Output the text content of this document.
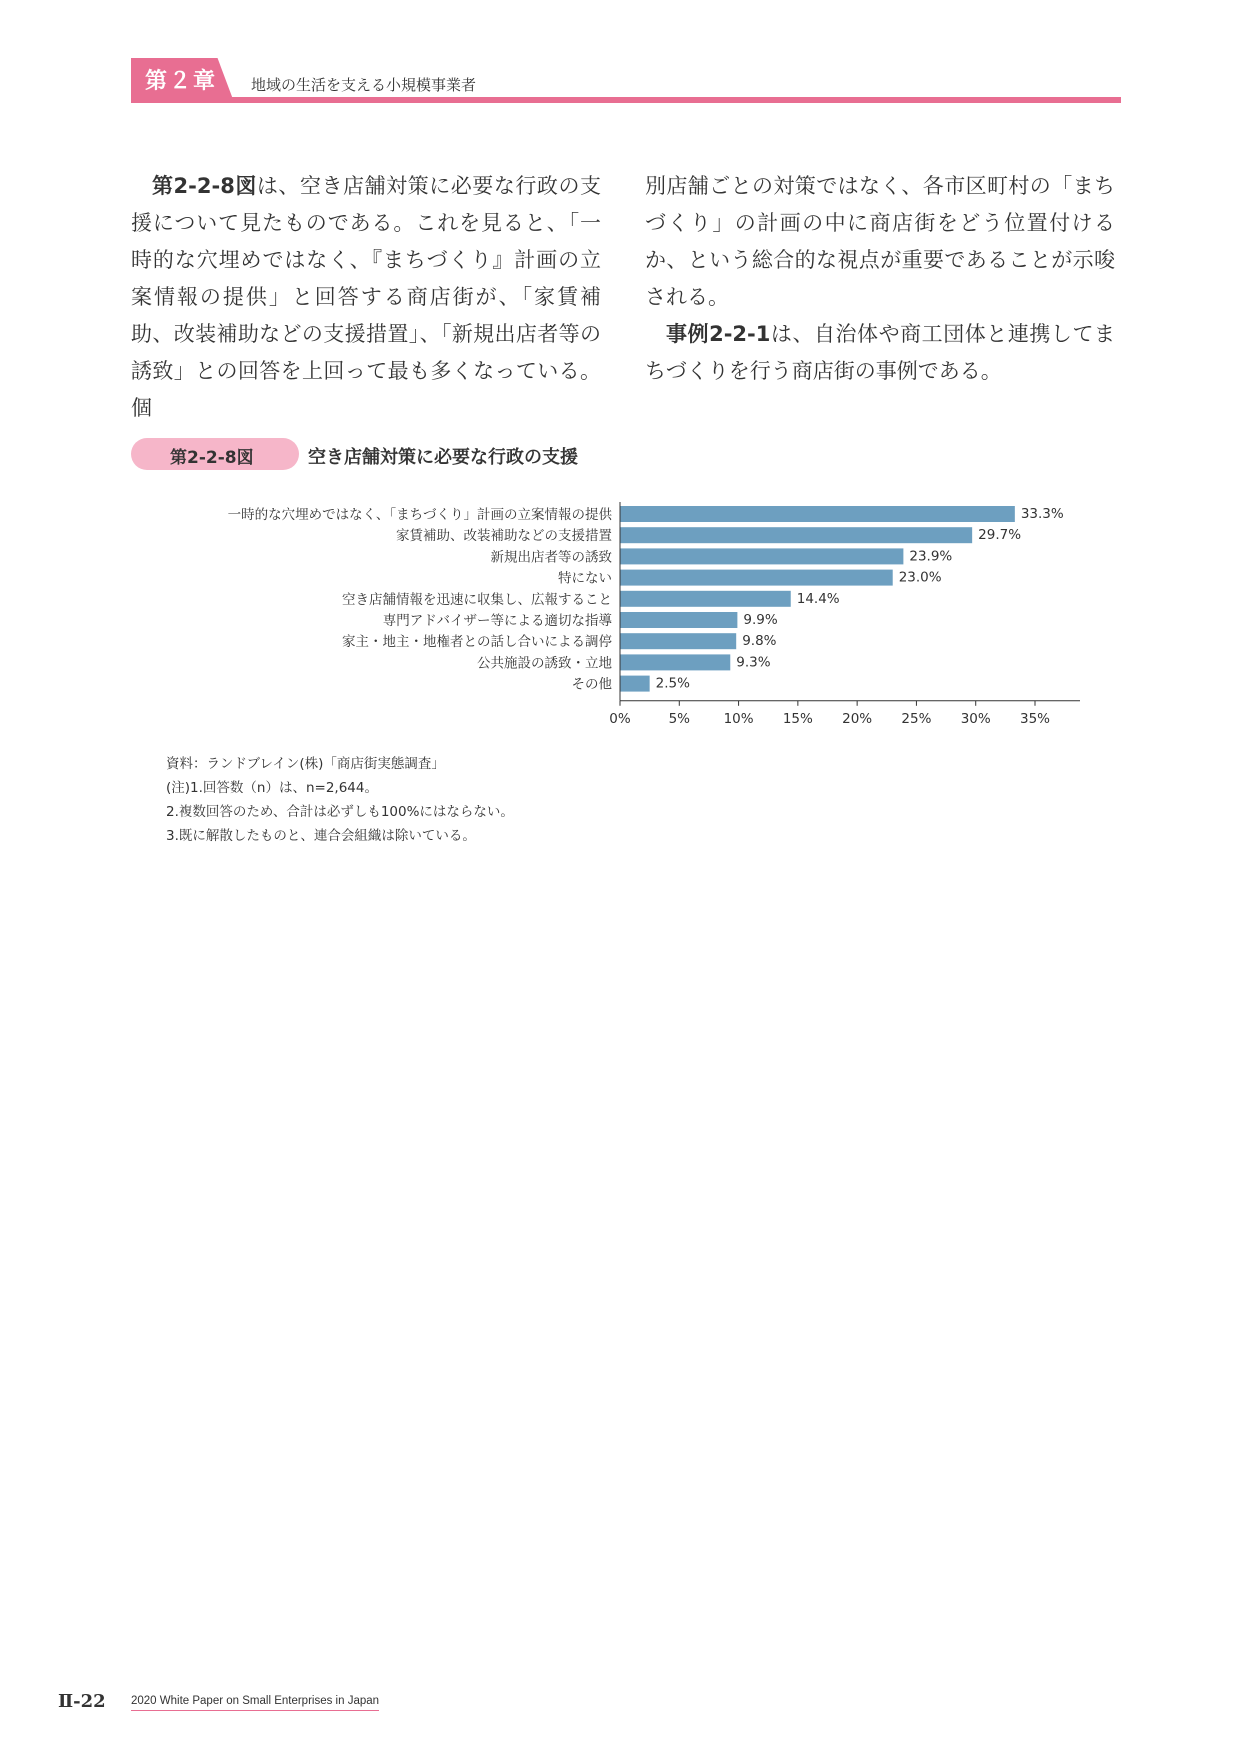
第２章 地域の生活を支える小規模事業者

第2-2-8図は、空き店舗対策に必要な行政の支援について見たものである。これを見ると、「一時的な穴埋めではなく、『まちづくり』計画の立案情報の提供」と回答する商店街が、「家賃補助、改装補助などの支援措置」、「新規出店者等の誘致」との回答を上回って最も多くなっている。個

別店舗ごとの対策ではなく、各市区町村の「まちづくり」の計画の中に商店街をどう位置付けるか、という総合的な視点が重要であることが示唆される。

事例2-2-1は、自治体や商工団体と連携してまちづくりを行う商店街の事例である。

第2-2-8図	空き店舗対策に必要な行政の支援
一時的な穴埋めではなく、「まちづくり」計画の立案情報の提供	33.3%
家賃補助、改装補助などの支援措置	29.7%
新規出店者等の誘致	23.9%
特にない	23.0%
空き店舗情報を迅速に収集し、広報すること	14.4%
専門アドバイザー等による適切な指導	9.9%
家主・地主・地権者との話し合いによる調停	9.8%
公共施設の誘致・立地	9.3%
その他	2.5%
0%	5% 10% 15% 20% 25% 30% 35%
資料：ランドブレイン(株)「商店街実態調査」
(注)1.回答数（n）は、n=2,644。
2.複数回答のため、合計は必ずしも100%にはならない。
3.既に解散したものと、連合会組織は除いている。
Ⅱ-22 2020 White Paper on Small Enterprises in Japan
